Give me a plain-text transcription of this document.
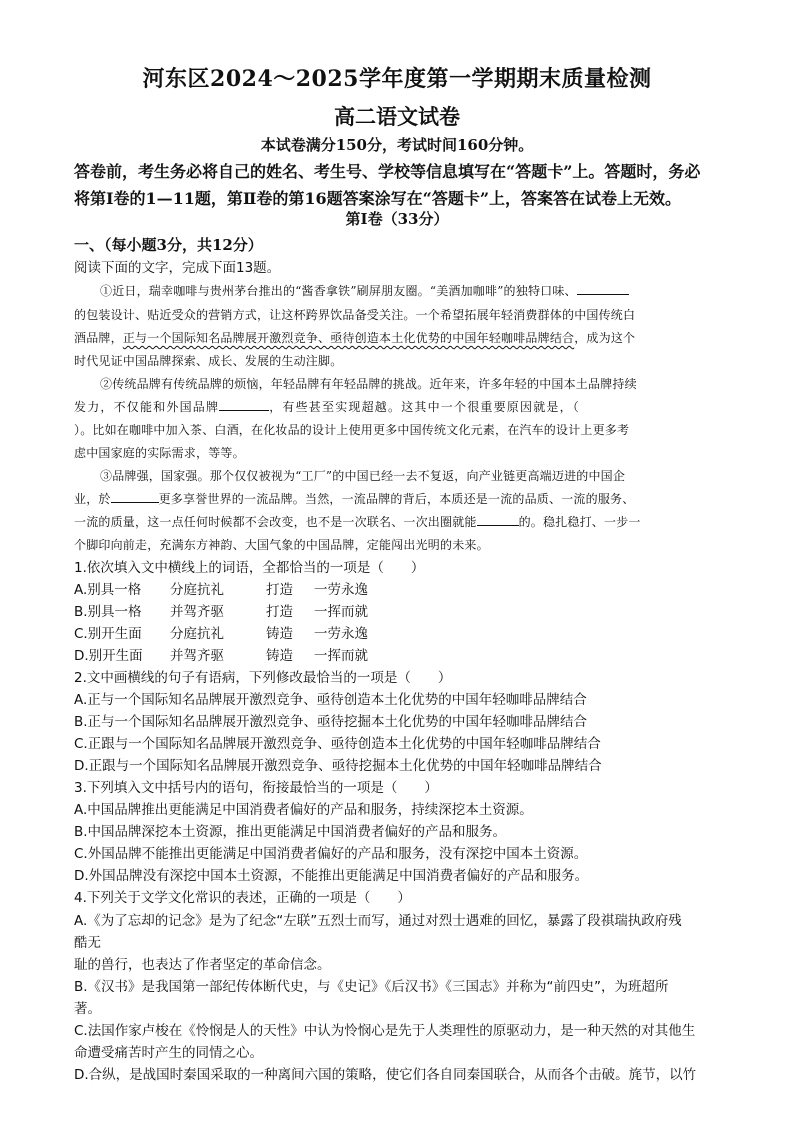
河东区2024～2025学年度第一学期期末质量检测
高二语文试卷
本试卷满分150分，考试时间160分钟。
答卷前，考生务必将自己的姓名、考生号、学校等信息填写在“答题卡”上。答题时，务必
将第Ⅰ卷的1—11题，第Ⅱ卷的第16题答案涂写在“答题卡”上，答案答在试卷上无效。
第Ⅰ卷（33分）
一、（每小题3分，共12分）
阅读下面的文字，完成下面13题。
①近日，瑞幸咖啡与贵州茅台推出的“酱香拿铁”刷屏朋友圈。“美酒加咖啡”的独特口味、
的包装设计、贴近受众的营销方式，让这杯跨界饮品备受关注。一个希望拓展年轻消费群体的中国传统白
酒品牌，正与一个国际知名品牌展开激烈竞争、亟待创造本土化优势的中国年轻咖啡品牌结合，成为这个
时代见证中国品牌探索、成长、发展的生动注脚。
②传统品牌有传统品牌的烦恼，年轻品牌有年轻品牌的挑战。近年来，许多年轻的中国本土品牌持续
发力，不仅能和外国品牌	，有些甚至实现超越。这其中一个很重要原因就是，（
）。比如在咖啡中加入茶、白酒，在化妆品的设计上使用更多中国传统文化元素，在汽车的设计上更多考
虑中国家庭的实际需求，等等。
③品牌强，国家强。那个仅仅被视为“工厂”的中国已经一去不复返，向产业链更高端迈进的中国企
业，於	更多享誉世界的一流品牌。当然，一流品牌的背后，本质还是一流的品质、一流的服务、
一流的质量，这一点任何时候都不会改变，也不是一次联名、一次出圈就能	的。稳扎稳打、一步一
个脚印向前走，充满东方神韵、大国气象的中国品牌，定能闯出光明的未来。
1.依次填入文中横线上的词语，全都恰当的一项是（　　）
A.别具一格 分庭抗礼	打造 一劳永逸
B.别具一格 并驾齐驱	打造 一挥而就
C.别开生面 分庭抗礼	铸造 一劳永逸
D.别开生面 并驾齐驱	铸造 一挥而就
2.文中画横线的句子有语病，下列修改最恰当的一项是（　　）
A.正与一个国际知名品牌展开激烈竞争、亟待创造本土化优势的中国年轻咖啡品牌结合
B.正与一个国际知名品牌展开激烈竞争、亟待挖掘本土化优势的中国年轻咖啡品牌结合
C.正跟与一个国际知名品牌展开激烈竞争、亟待创造本土化优势的中国年轻咖啡品牌结合
D.正跟与一个国际知名品牌展开激烈竞争、亟待挖掘本土化优势的中国年轻咖啡品牌结合
3.下列填入文中括号内的语句，衔接最恰当的一项是（　　）
A.中国品牌推出更能满足中国消费者偏好的产品和服务，持续深挖本土资源。
B.中国品牌深挖本土资源，推出更能满足中国消费者偏好的产品和服务。
C.外国品牌不能推出更能满足中国消费者偏好的产品和服务，没有深挖中国本土资源。
D.外国品牌没有深挖中国本土资源，不能推出更能满足中国消费者偏好的产品和服务。
4.下列关于文学文化常识的表述，正确的一项是（　　）
A.《为了忘却的记念》是为了纪念“左联”五烈士而写，通过对烈士遇难的回忆，暴露了段祺瑞执政府残
酷无
耻的兽行，也表达了作者坚定的革命信念。
B.《汉书》是我国第一部纪传体断代史，与《史记》《后汉书》《三国志》并称为“前四史”，为班超所
著。
C.法国作家卢梭在《怜悯是人的天性》中认为怜悯心是先于人类理性的原驱动力，是一种天然的对其他生
命遭受痛苦时产生的同情之心。
D.合纵，是战国时秦国采取的一种离间六国的策略，使它们各自同秦国联合，从而各个击破。旄节，以竹
